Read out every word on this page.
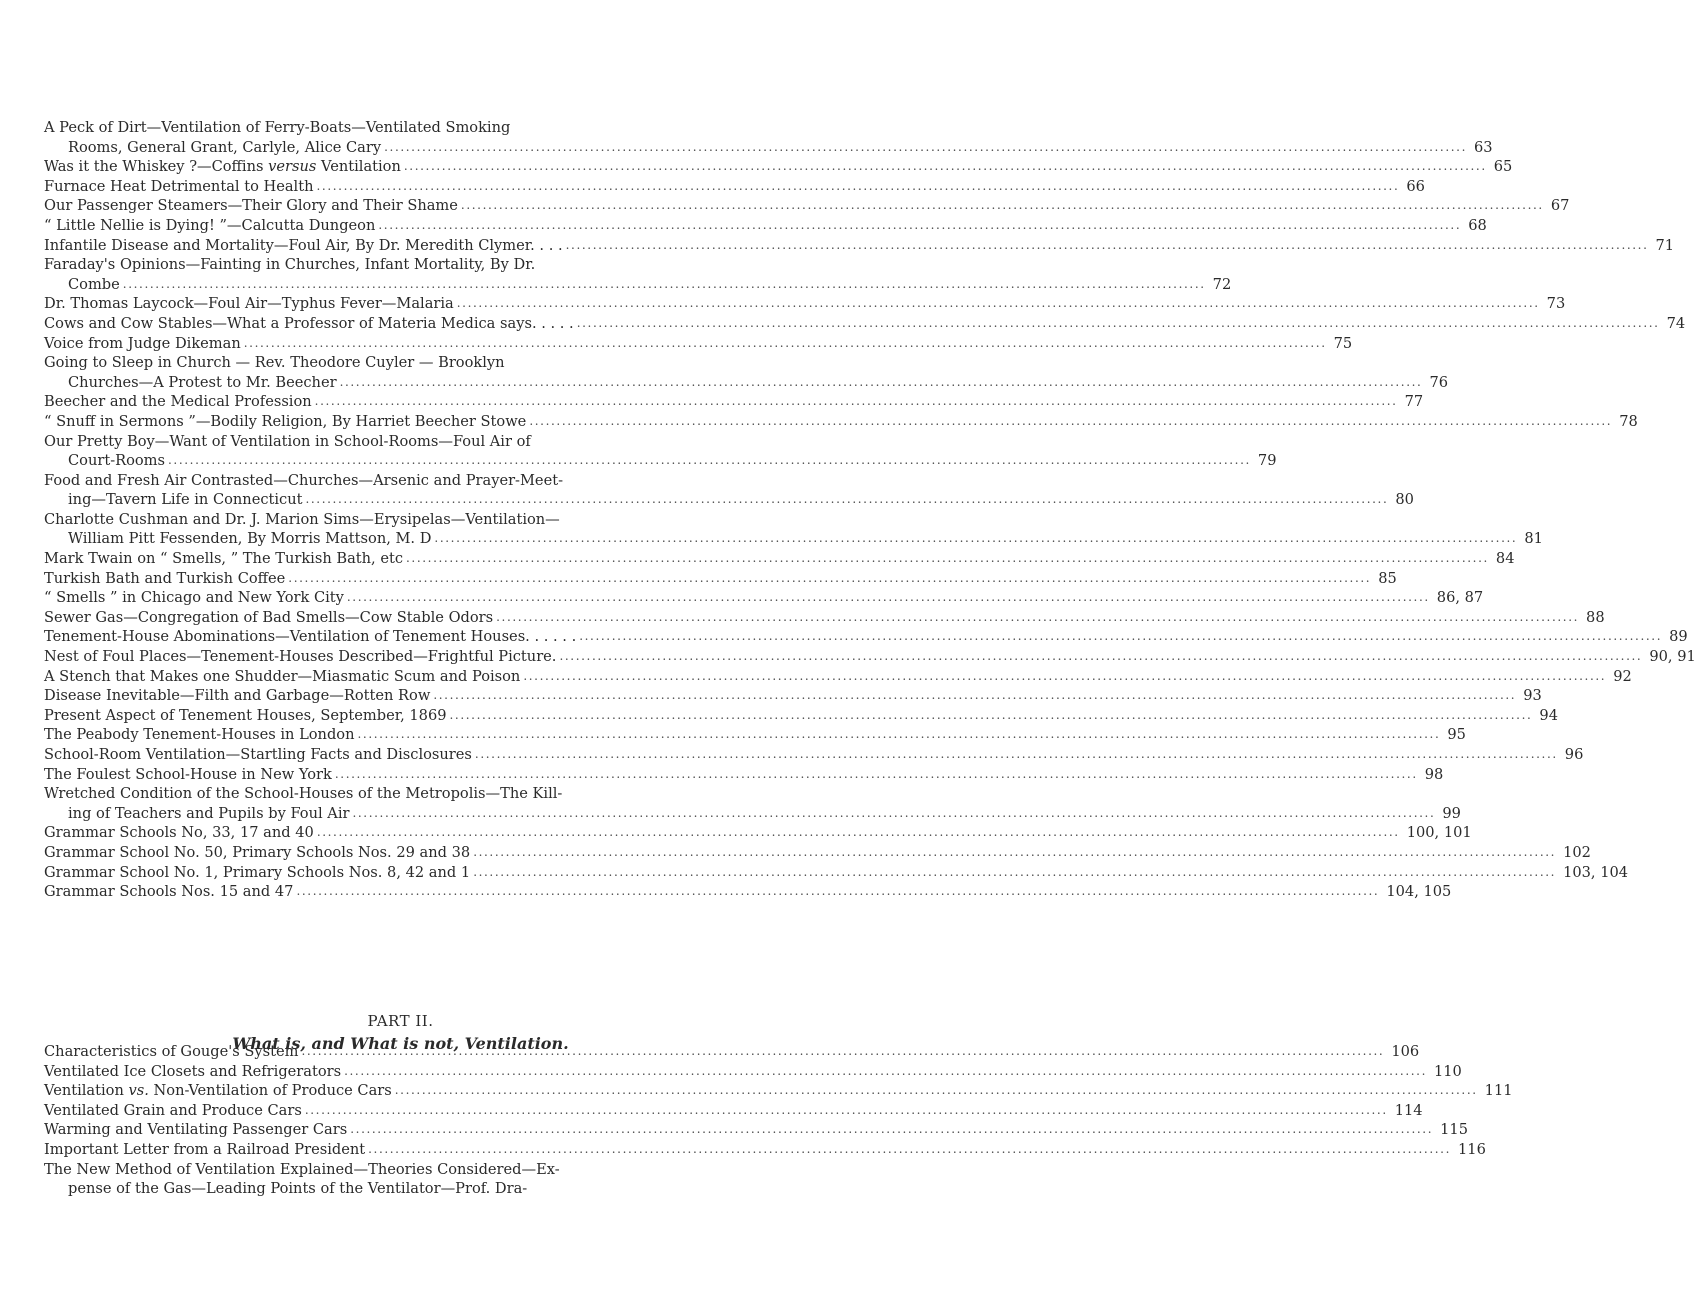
A Peck of Dirt—Ventilation of Ferry-Boats—Ventilated Smoking
Rooms, General Grant, Carlyle, Alice Cary .....	63
Was it the Whiskey ?—Coffins versus Ventilation .....	65
Furnace Heat Detrimental to Health .....	66
Our Passenger Steamers—Their Glory and Their Shame .....	67
“ Little Nellie is Dying! ”—Calcutta Dungeon .....	68
Infantile Disease and Mortality—Foul Air, By Dr. Meredith Clymer. . . . .....	71
Faraday's Opinions—Fainting in Churches, Infant Mortality, By Dr.
Combe .....	72
Dr. Thomas Laycock—Foul Air—Typhus Fever—Malaria .....	73
Cows and Cow Stables—What a Professor of Materia Medica says. . . . . .....	74
Voice from Judge Dikeman .....	75
Going to Sleep in Church — Rev. Theodore Cuyler — Brooklyn
Churches—A Protest to Mr. Beecher .....	76
Beecher and the Medical Profession .....	77
“ Snuff in Sermons ”—Bodily Religion, By Harriet Beecher Stowe .....	78
Our Pretty Boy—Want of Ventilation in School-Rooms—Foul Air of
Court-Rooms .....	79
Food and Fresh Air Contrasted—Churches—Arsenic and Prayer-Meet-
ing—Tavern Life in Connecticut .....	80
Charlotte Cushman and Dr. J. Marion Sims—Erysipelas—Ventilation—
William Pitt Fessenden, By Morris Mattson, M. D .....	81
Mark Twain on “ Smells, ” The Turkish Bath, etc .....	84
Turkish Bath and Turkish Coffee .....	85
“ Smells ” in Chicago and New York City .....	86, 87
Sewer Gas—Congregation of Bad Smells—Cow Stable Odors .....	88
Tenement-House Abominations—Ventilation of Tenement Houses. . . . . . .....	89
Nest of Foul Places—Tenement-Houses Described—Frightful Picture. .....	90, 91
A Stench that Makes one Shudder—Miasmatic Scum and Poison .....	92
Disease Inevitable—Filth and Garbage—Rotten Row .....	93
Present Aspect of Tenement Houses, September, 1869 .....	94
The Peabody Tenement-Houses in London .....	95
School-Room Ventilation—Startling Facts and Disclosures .....	96
The Foulest School-House in New York .....	98
Wretched Condition of the School-Houses of the Metropolis—The Kill-
ing of Teachers and Pupils by Foul Air .....	99
Grammar Schools No, 33, 17 and 40 .....	100, 101
Grammar School No. 50, Primary Schools Nos. 29 and 38 .....	102
Grammar School No. 1, Primary Schools Nos. 8, 42 and 1 .....	103, 104
Grammar Schools Nos. 15 and 47 .....	104, 105
PART II.
What is, and What is not, Ventilation.
Characteristics of Gouge's System .....	106
Ventilated Ice Closets and Refrigerators .....	110
Ventilation vs. Non-Ventilation of Produce Cars .....	111
Ventilated Grain and Produce Cars .....	114
Warming and Ventilating Passenger Cars .....	115
Important Letter from a Railroad President .....	116
The New Method of Ventilation Explained—Theories Considered—Ex-
pense of the Gas—Leading Points of the Ventilator—Prof. Dra-
